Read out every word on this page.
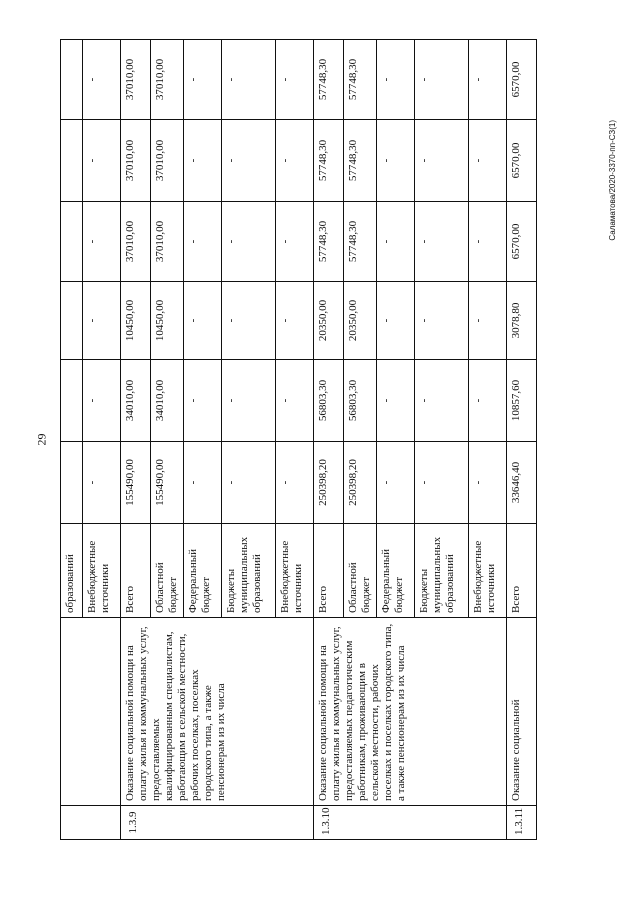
29
Саламатова/2020-3370-пп-СЗ(1)
		образований						
		Внебюджетные источники	-	-	-	-	-	-
1.3.9	Оказание социальной помощи на оплату жилья и коммунальных услуг, предоставляемых квалифицированным специалистам, работающим в сельской местности, рабочих поселках, поселках городского типа, а также пенсионерам из их числа	Всего	155490,00	34010,00	10450,00	37010,00	37010,00	37010,00
		Областной бюджет	155490,00	34010,00	10450,00	37010,00	37010,00	37010,00
		Федеральный бюджет	-	-	-	-	-	-
		Бюджеты муниципальных образований	-	-	-	-	-	-
		Внебюджетные источники	-	-	-	-	-	-
1.3.10	Оказание социальной помощи на оплату жилья и коммунальных услуг, предоставляемых педагогическим работникам, проживающим в сельской местности, рабочих поселках и поселках городского типа, а также пенсионерам из их числа	Всего	250398,20	56803,30	20350,00	57748,30	57748,30	57748,30
		Областной бюджет	250398,20	56803,30	20350,00	57748,30	57748,30	57748,30
		Федеральный бюджет	-	-	-	-	-	-
		Бюджеты муниципальных образований	-	-	-	-	-	-
		Внебюджетные источники	-	-	-	-	-	-
1.3.11	Оказание социальной	Всего	33646,40	10857,60	3078,80	6570,00	6570,00	6570,00
